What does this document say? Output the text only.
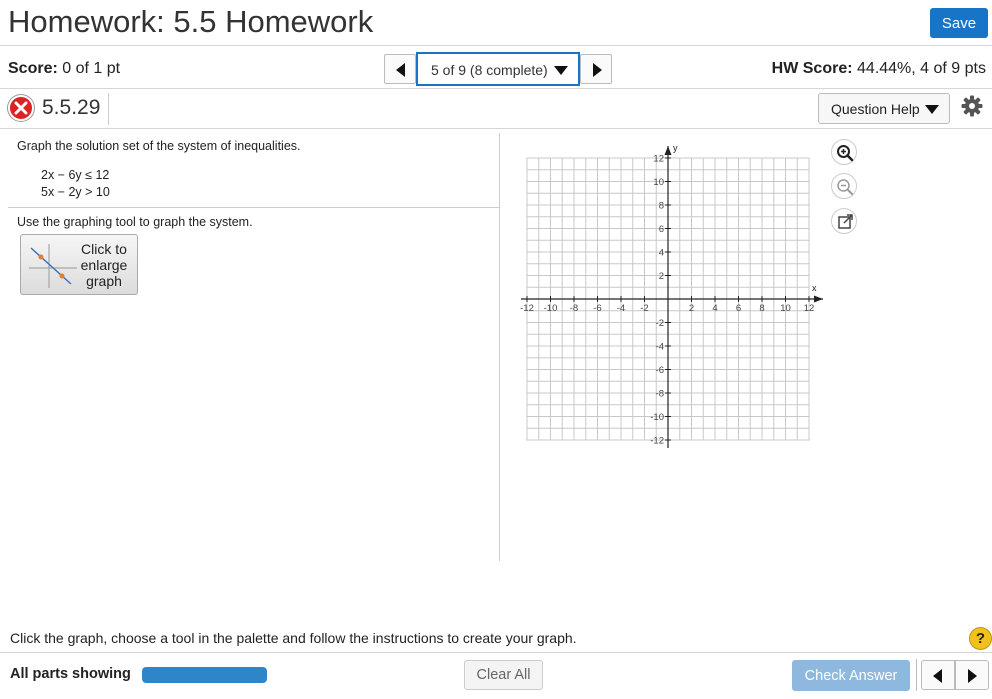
Homework: 5.5 Homework	Save
Score: 0 of 1 pt	5 of 9 (8 complete)	HW Score: 44.44%, 4 of 9 pts
5.5.29	Question Help
Graph the solution set of the system of inequalities.
2x − 6y ≤ 12
5x − 2y > 10
Use the graphing tool to graph the system.
Click to enlarge graph	x
y
-12 -10 -8 -6 -4 -2	2 4 6 8 10 12
12
10
8
6
4
2
-2
-4
-6
-8
-10
-12
Click the graph, choose a tool in the palette and follow the instructions to create your graph.	?
All parts showing	Clear All	Check Answer
